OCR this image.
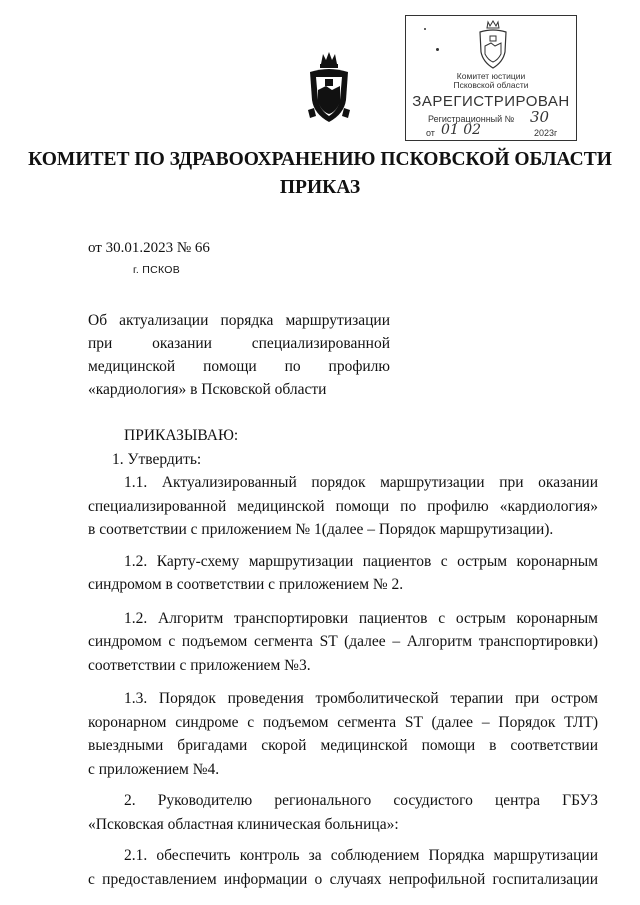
Комитет юстиции
Псковской области
ЗАРЕГИСТРИРОВАН
Регистрационный № 30
от 01 02	2023г
КОМИТЕТ ПО ЗДРАВООХРАНЕНИЮ ПСКОВСКОЙ ОБЛАСТИ
ПРИКАЗ
от 30.01.2023 № 66
г. ПСКОВ
Об актуализации порядка маршрутизации
при оказании специализированной
медицинской помощи по профилю
«кардиология» в Псковской области
ПРИКАЗЫВАЮ:
1. Утвердить:
1.1. Актуализированный порядок маршрутизации при оказании
специализированной медицинской помощи по профилю «кардиология»
в соответствии с приложением № 1(далее – Порядок маршрутизации).
1.2. Карту-схему маршрутизации пациентов с острым коронарным
синдромом в соответствии с приложением № 2.
1.2. Алгоритм транспортировки пациентов с острым коронарным
синдромом с подъемом сегмента ST (далее – Алгоритм транспортировки)
соответствии с приложением №3.
1.3. Порядок проведения тромболитической терапии при остром
коронарном синдроме с подъемом сегмента ST (далее – Порядок ТЛТ)
выездными бригадами скорой медицинской помощи в соответствии
с приложением №4.
2. Руководителю регионального сосудистого центра ГБУЗ
«Псковская областная клиническая больница»:
2.1. обеспечить контроль за соблюдением Порядка маршрутизации
с предоставлением информации о случаях непрофильной госпитализации
